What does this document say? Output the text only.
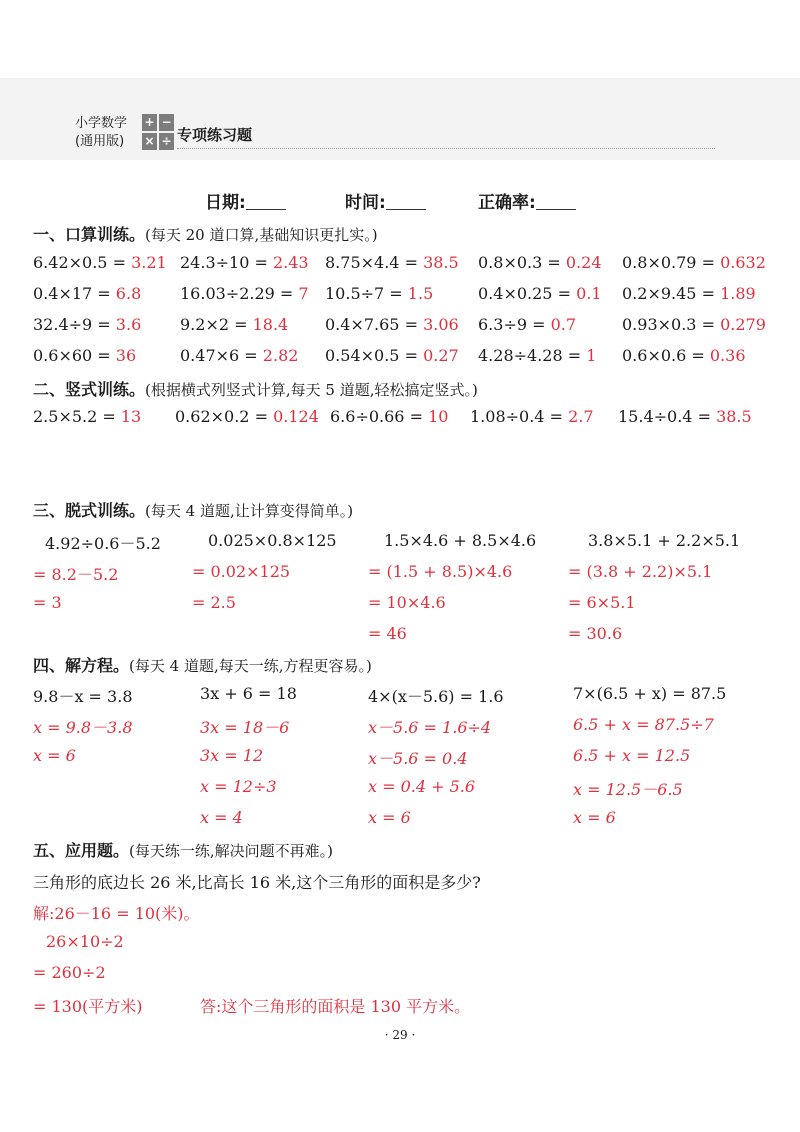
小学数学
(通用版)
+ −
× ÷ 专项练习题
日期:	时间:	正确率:
一、口算训练。(每天 20 道口算,基础知识更扎实。)
6.42×0.5 = 3.21 24.3÷10 = 2.43 8.75×4.4 = 38.5 0.8×0.3 = 0.24 0.8×0.79 = 0.632
0.4×17 = 6.8 16.03÷2.29 = 7 10.5÷7 = 1.5	0.4×0.25 = 0.1 0.2×9.45 = 1.89
32.4÷9 = 3.6 9.2×2 = 18.4 0.4×7.65 = 3.06 6.3÷9 = 0.7	0.93×0.3 = 0.279
0.6×60 = 36	0.47×6 = 2.82 0.54×0.5 = 0.27 4.28÷4.28 = 1 0.6×0.6 = 0.36
二、竖式训练。(根据横式列竖式计算,每天 5 道题,轻松搞定竖式。)
2.5×5.2 = 13 0.62×0.2 = 0.124 6.6÷0.66 = 10 1.08÷0.4 = 2.7 15.4÷0.4 = 38.5
三、脱式训练。(每天 4 道题,让计算变得简单。)
4.92÷0.6－5.2
= 8.2－5.2
= 3
0.025×0.8×125
= 0.02×125
= 2.5
1.5×4.6 + 8.5×4.6
= (1.5 + 8.5)×4.6
= 10×4.6
= 46
3.8×5.1 + 2.2×5.1
= (3.8 + 2.2)×5.1
= 6×5.1
= 30.6
四、解方程。(每天 4 道题,每天一练,方程更容易。)
9.8－x = 3.8
x = 9.8－3.8
x = 6
3x + 6 = 18
3x = 18－6
3x = 12
x = 12÷3
x = 4
4×(x－5.6) = 1.6
x－5.6 = 1.6÷4
x－5.6 = 0.4
x = 0.4 + 5.6
x = 6
7×(6.5 + x) = 87.5
6.5 + x = 87.5÷7
6.5 + x = 12.5
x = 12.5－6.5
x = 6
五、应用题。(每天练一练,解决问题不再难。)
三角形的底边长 26 米,比高长 16 米,这个三角形的面积是多少?
解:26－16 = 10(米)。
26×10÷2
= 260÷2
= 130(平方米)	答:这个三角形的面积是 130 平方米。
· 29 ·
